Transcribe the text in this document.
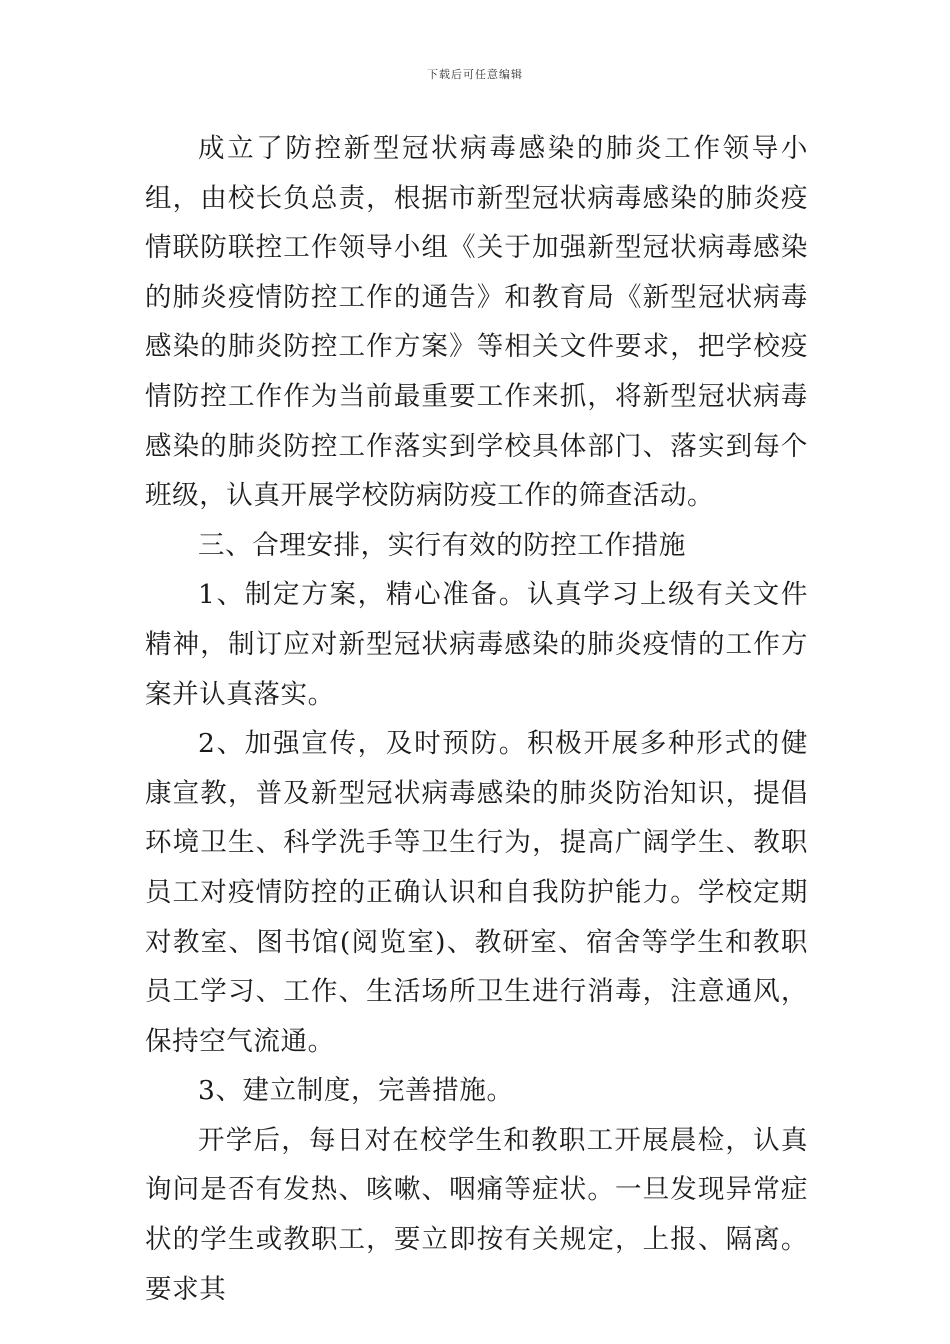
下载后可任意编辑

成立了防控新型冠状病毒感染的肺炎工作领导小组，由校长负总责，根据市新型冠状病毒感染的肺炎疫情联防联控工作领导小组《关于加强新型冠状病毒感染的肺炎疫情防控工作的通告》和教育局《新型冠状病毒感染的肺炎防控工作方案》等相关文件要求，把学校疫情防控工作作为当前最重要工作来抓，将新型冠状病毒感染的肺炎防控工作落实到学校具体部门、落实到每个班级，认真开展学校防病防疫工作的筛查活动。

三、合理安排，实行有效的防控工作措施

1、制定方案，精心准备。认真学习上级有关文件精神，制订应对新型冠状病毒感染的肺炎疫情的工作方案并认真落实。

2、加强宣传，及时预防。积极开展多种形式的健康宣教，普及新型冠状病毒感染的肺炎防治知识，提倡环境卫生、科学洗手等卫生行为，提高广阔学生、教职员工对疫情防控的正确认识和自我防护能力。学校定期对教室、图书馆(阅览室)、教研室、宿舍等学生和教职员工学习、工作、生活场所卫生进行消毒，注意通风，保持空气流通。

3、建立制度，完善措施。

开学后，每日对在校学生和教职工开展晨检，认真询问是否有发热、咳嗽、咽痛等症状。一旦发现异常症状的学生或教职工，要立即按有关规定，上报、隔离。要求其
